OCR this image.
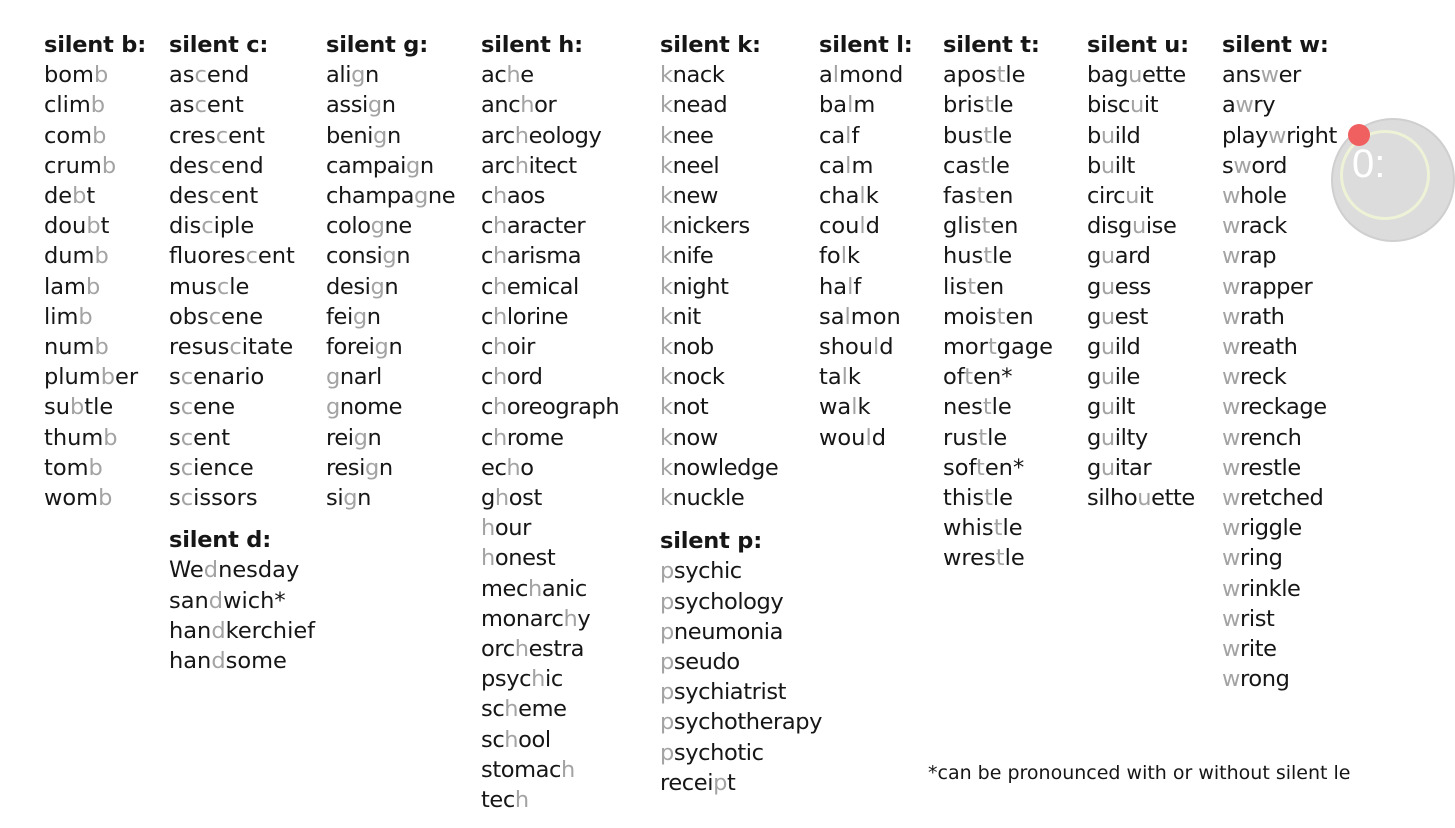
silent b:
bomb
climb
comb
crumb
debt
doubt
dumb
lamb
limb
numb
plumber
subtle
thumb
tomb
womb
silent c:
ascend
ascent
crescent
descend
descent
disciple
fluorescent
muscle
obscene
resuscitate
scenario
scene
scent
science
scissors
silent d:
Wednesday
sandwich*
handkerchief
handsome
silent g:
align
assign
benign
campaign
champagne
cologne
consign
design
feign
foreign
gnarl
gnome
reign
resign
sign
silent h:
ache
anchor
archeology
architect
chaos
character
charisma
chemical
chlorine
choir
chord
choreograph
chrome
echo
ghost
hour
honest
mechanic
monarchy
orchestra
psychic
scheme
school
stomach
tech
silent k:
knack
knead
knee
kneel
knew
knickers
knife
knight
knit
knob
knock
knot
know
knowledge
knuckle
silent p:
psychic
psychology
pneumonia
pseudo
psychiatrist
psychotherapy
psychotic
receipt
silent l:
almond
balm
calf
calm
chalk
could
folk
half
salmon
should
talk
walk
would
silent t:
apostle
bristle
bustle
castle
fasten
glisten
hustle
listen
moisten
mortgage
often*
nestle
rustle
soften*
thistle
whistle
wrestle
silent u:
baguette
biscuit
build
built
circuit
disguise
guard
guess
guest
guild
guile
guilt
guilty
guitar
silhouette
silent w:
answer
awry
playwright
sword
whole
wrack
wrap
wrapper
wrath
wreath
wreck
wreckage
wrench
wrestle
wretched
wriggle
wring
wrinkle
wrist
write
wrong
*can be pronounced with or without silent le
0:
